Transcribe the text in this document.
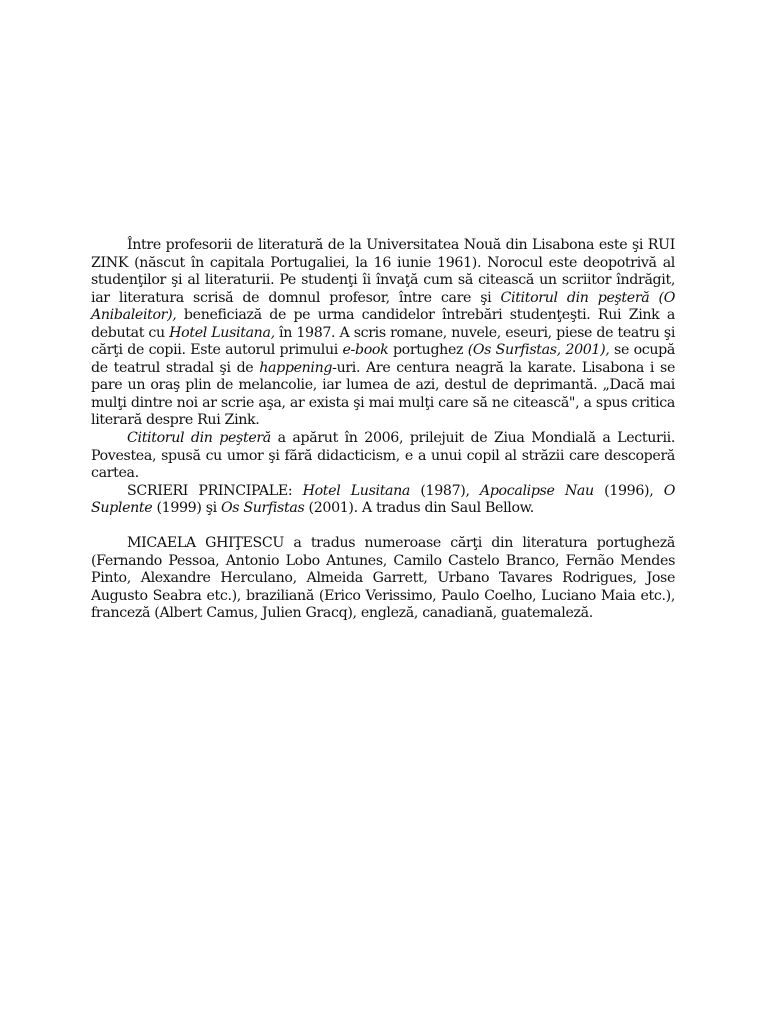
Între profesorii de literatură de la Universitatea Nouă din Lisabona este şi RUI ZINK (născut în capitala Portugaliei, la 16 iunie 1961). Norocul este deopotrivă al studenţilor şi al literaturii. Pe studenţi îi învaţă cum să citească un scriitor îndrăgit, iar literatura scrisă de domnul profesor, între care şi Cititorul din peşteră (O Anibaleitor), beneficiază de pe urma candidelor întrebări studenţeşti. Rui Zink a debutat cu Hotel Lusitana, în 1987. A scris romane, nuvele, eseuri, piese de teatru şi cărţi de copii. Este autorul primului e-book portughez (Os Surfistas, 2001), se ocupă de teatrul stradal şi de happening-uri. Are centura neagră la karate. Lisabona i se pare un oraş plin de melancolie, iar lumea de azi, destul de deprimantă. „Dacă mai mulţi dintre noi ar scrie aşa, ar exista şi mai mulţi care să ne citească", a spus critica literară despre Rui Zink.

Cititorul din peşteră a apărut în 2006, prilejuit de Ziua Mondială a Lecturii. Povestea, spusă cu umor şi fără didacticism, e a unui copil al străzii care descoperă cartea.

SCRIERI PRINCIPALE: Hotel Lusitana (1987), Apocalipse Nau (1996), O Suplente (1999) şi Os Surfistas (2001). A tradus din Saul Bellow.

MICAELA GHIŢESCU a tradus numeroase cărţi din literatura portugheză (Fernando Pessoa, Antonio Lobo Antunes, Camilo Castelo Branco, Fernão Mendes Pinto, Alexandre Herculano, Almeida Garrett, Urbano Tavares Rodrigues, Jose Augusto Seabra etc.), braziliană (Erico Verissimo, Paulo Coelho, Luciano Maia etc.), franceză (Albert Camus, Julien Gracq), engleză, canadiană, guatemaleză.
